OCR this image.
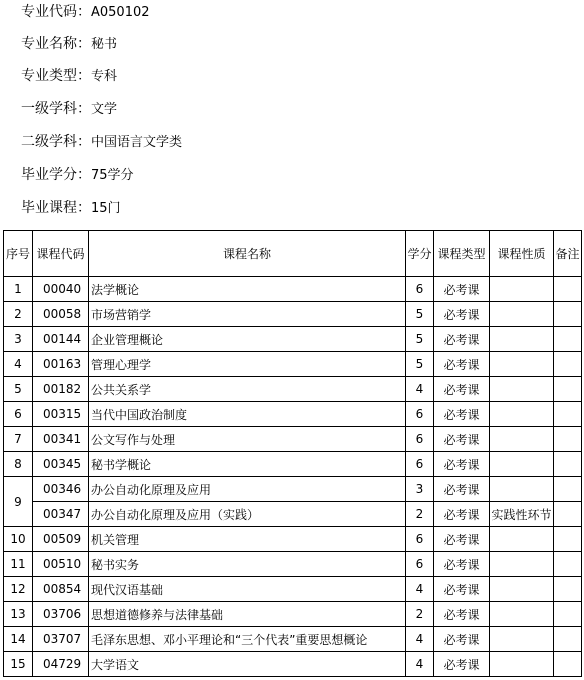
专业代码：A050102
专业名称：秘书
专业类型：专科
一级学科：文学
二级学科：中国语言文学类
毕业学分：75学分
毕业课程：15门
序号	课程代码	课程名称	学分	课程类型	课程性质	备注
1	00040	法学概论	6	必考课		
2	00058	市场营销学	5	必考课		
3	00144	企业管理概论	5	必考课		
4	00163	管理心理学	5	必考课		
5	00182	公共关系学	4	必考课		
6	00315	当代中国政治制度	6	必考课		
7	00341	公文写作与处理	6	必考课		
8	00345	秘书学概论	6	必考课		
9	00346	办公自动化原理及应用	3	必考课		
	00347	办公自动化原理及应用（实践）	2	必考课	实践性环节	
10	00509	机关管理	6	必考课		
11	00510	秘书实务	6	必考课		
12	00854	现代汉语基础	4	必考课		
13	03706	思想道德修养与法律基础	2	必考课		
14	03707	毛泽东思想、邓小平理论和“三个代表”重要思想概论	4	必考课		
15	04729	大学语文	4	必考课		
